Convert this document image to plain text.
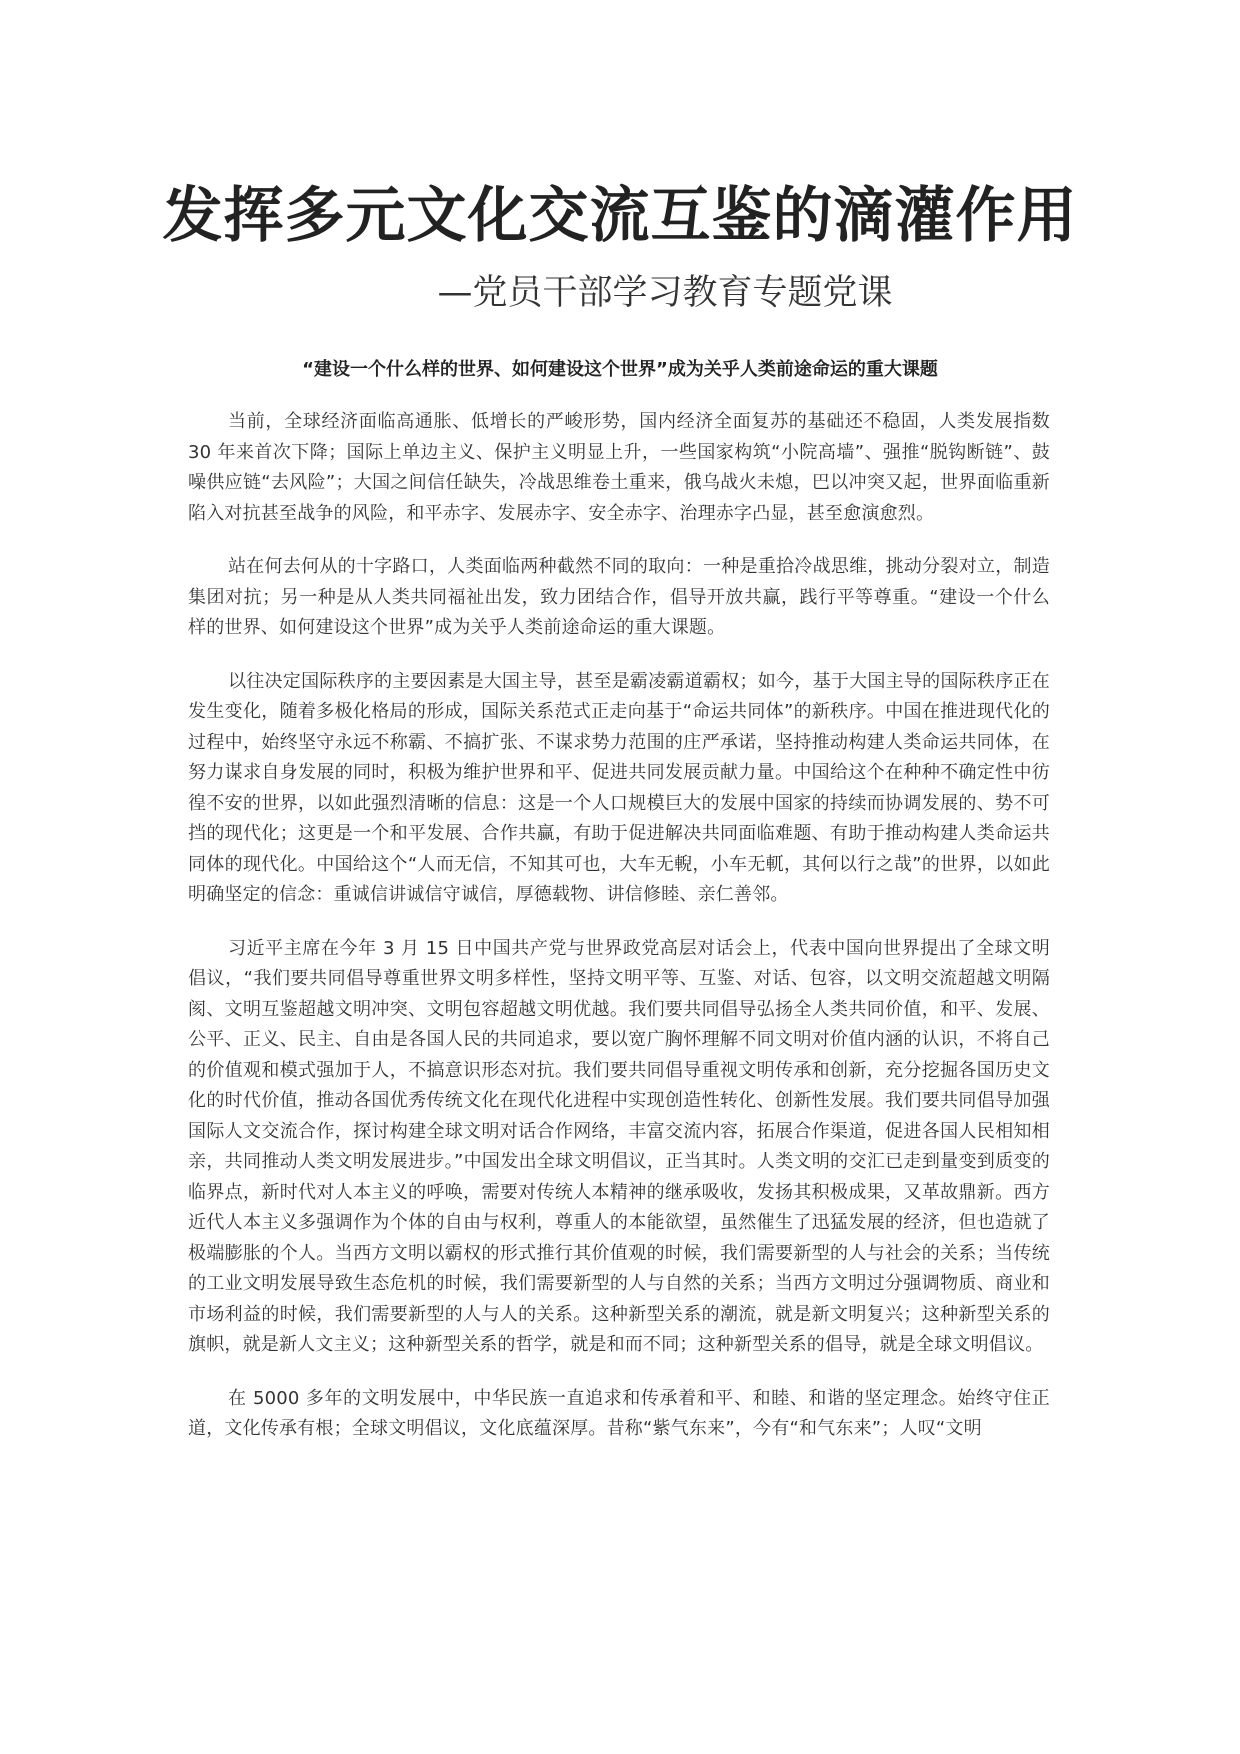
发挥多元文化交流互鉴的滴灌作用
—党员干部学习教育专题党课
“建设一个什么样的世界、如何建设这个世界”成为关乎人类前途命运的重大课题

当前，全球经济面临高通胀、低增长的严峻形势，国内经济全面复苏的基础还不稳固，人类发展指数 30 年来首次下降；国际上单边主义、保护主义明显上升，一些国家构筑“小院高墙”、强推“脱钩断链”、鼓噪供应链“去风险”；大国之间信任缺失，冷战思维卷土重来，俄乌战火未熄，巴以冲突又起，世界面临重新陷入对抗甚至战争的风险，和平赤字、发展赤字、安全赤字、治理赤字凸显，甚至愈演愈烈。

站在何去何从的十字路口，人类面临两种截然不同的取向：一种是重拾冷战思维，挑动分裂对立，制造集团对抗；另一种是从人类共同福祉出发，致力团结合作，倡导开放共赢，践行平等尊重。“建设一个什么样的世界、如何建设这个世界”成为关乎人类前途命运的重大课题。

以往决定国际秩序的主要因素是大国主导，甚至是霸凌霸道霸权；如今，基于大国主导的国际秩序正在发生变化，随着多极化格局的形成，国际关系范式正走向基于“命运共同体”的新秩序。中国在推进现代化的过程中，始终坚守永远不称霸、不搞扩张、不谋求势力范围的庄严承诺，坚持推动构建人类命运共同体，在努力谋求自身发展的同时，积极为维护世界和平、促进共同发展贡献力量。中国给这个在种种不确定性中彷徨不安的世界，以如此强烈清晰的信息：这是一个人口规模巨大的发展中国家的持续而协调发展的、势不可挡的现代化；这更是一个和平发展、合作共赢，有助于促进解决共同面临难题、有助于推动构建人类命运共同体的现代化。中国给这个“人而无信，不知其可也，大车无輗，小车无軏，其何以行之哉”的世界，以如此明确坚定的信念：重诚信讲诚信守诚信，厚德载物、讲信修睦、亲仁善邻。

习近平主席在今年 3 月 15 日中国共产党与世界政党高层对话会上，代表中国向世界提出了全球文明倡议，“我们要共同倡导尊重世界文明多样性，坚持文明平等、互鉴、对话、包容，以文明交流超越文明隔阂、文明互鉴超越文明冲突、文明包容超越文明优越。我们要共同倡导弘扬全人类共同价值，和平、发展、公平、正义、民主、自由是各国人民的共同追求，要以宽广胸怀理解不同文明对价值内涵的认识，不将自己的价值观和模式强加于人，不搞意识形态对抗。我们要共同倡导重视文明传承和创新，充分挖掘各国历史文化的时代价值，推动各国优秀传统文化在现代化进程中实现创造性转化、创新性发展。我们要共同倡导加强国际人文交流合作，探讨构建全球文明对话合作网络，丰富交流内容，拓展合作渠道，促进各国人民相知相亲，共同推动人类文明发展进步。”中国发出全球文明倡议，正当其时。人类文明的交汇已走到量变到质变的临界点，新时代对人本主义的呼唤，需要对传统人本精神的继承吸收，发扬其积极成果，又革故鼎新。西方近代人本主义多强调作为个体的自由与权利，尊重人的本能欲望，虽然催生了迅猛发展的经济，但也造就了极端膨胀的个人。当西方文明以霸权的形式推行其价值观的时候，我们需要新型的人与社会的关系；当传统的工业文明发展导致生态危机的时候，我们需要新型的人与自然的关系；当西方文明过分强调物质、商业和市场利益的时候，我们需要新型的人与人的关系。这种新型关系的潮流，就是新文明复兴；这种新型关系的旗帜，就是新人文主义；这种新型关系的哲学，就是和而不同；这种新型关系的倡导，就是全球文明倡议。

在 5000 多年的文明发展中，中华民族一直追求和传承着和平、和睦、和谐的坚定理念。始终守住正道，文化传承有根；全球文明倡议，文化底蕴深厚。昔称“紫气东来”，今有“和气东来”；人叹“文明
